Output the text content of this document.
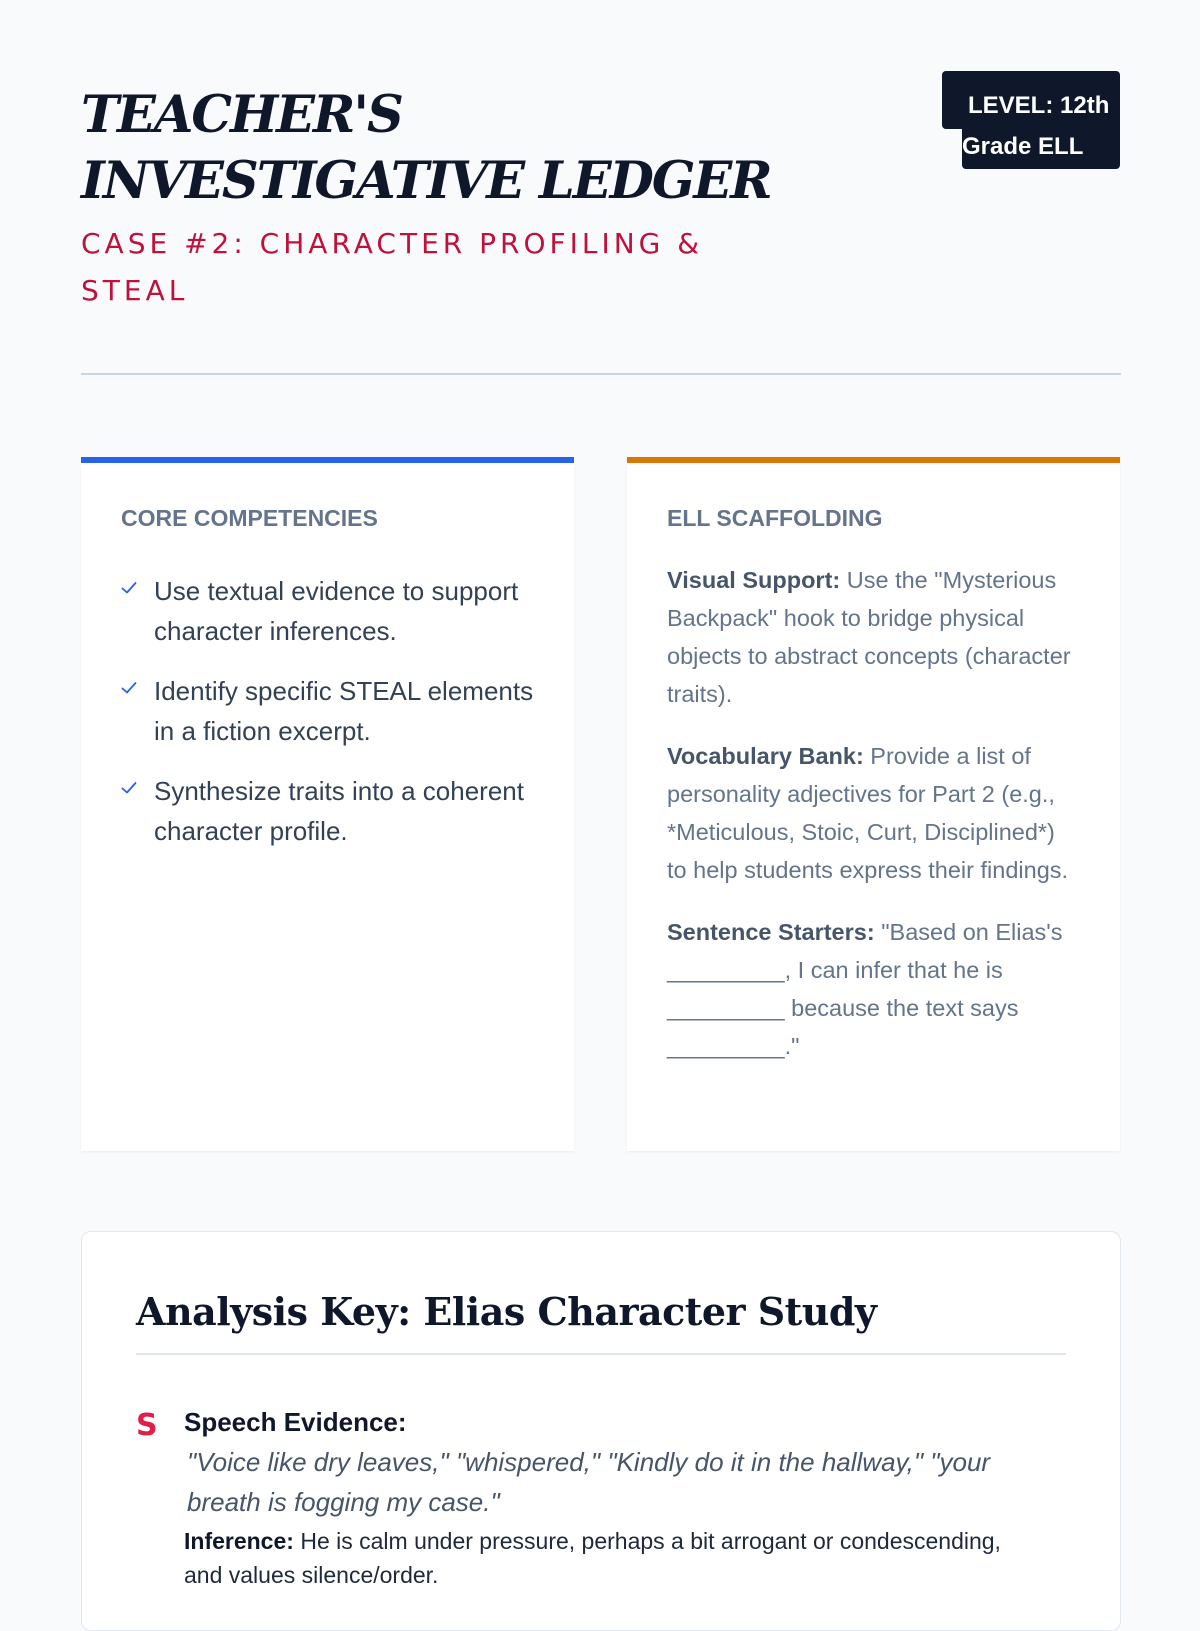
TEACHER'S INVESTIGATIVE LEDGER
CASE #2: CHARACTER PROFILING & STEAL
LEVEL: 12th Grade ELL
CORE COMPETENCIES
Use textual evidence to support character inferences.
Identify specific STEAL elements in a fiction excerpt.
Synthesize traits into a coherent character profile.
ELL SCAFFOLDING

Visual Support: Use the "Mysterious Backpack" hook to bridge physical objects to abstract concepts (character traits).

Vocabulary Bank: Provide a list of personality adjectives for Part 2 (e.g., *Meticulous, Stoic, Curt, Disciplined*) to help students express their findings.

Sentence Starters: "Based on Elias's _________, I can infer that he is _________ because the text says _________."

Analysis Key: Elias Character Study
S Speech Evidence:
"Voice like dry leaves," "whispered," "Kindly do it in the hallway," "your breath is fogging my case."
Inference: He is calm under pressure, perhaps a bit arrogant or condescending, and values silence/order.
